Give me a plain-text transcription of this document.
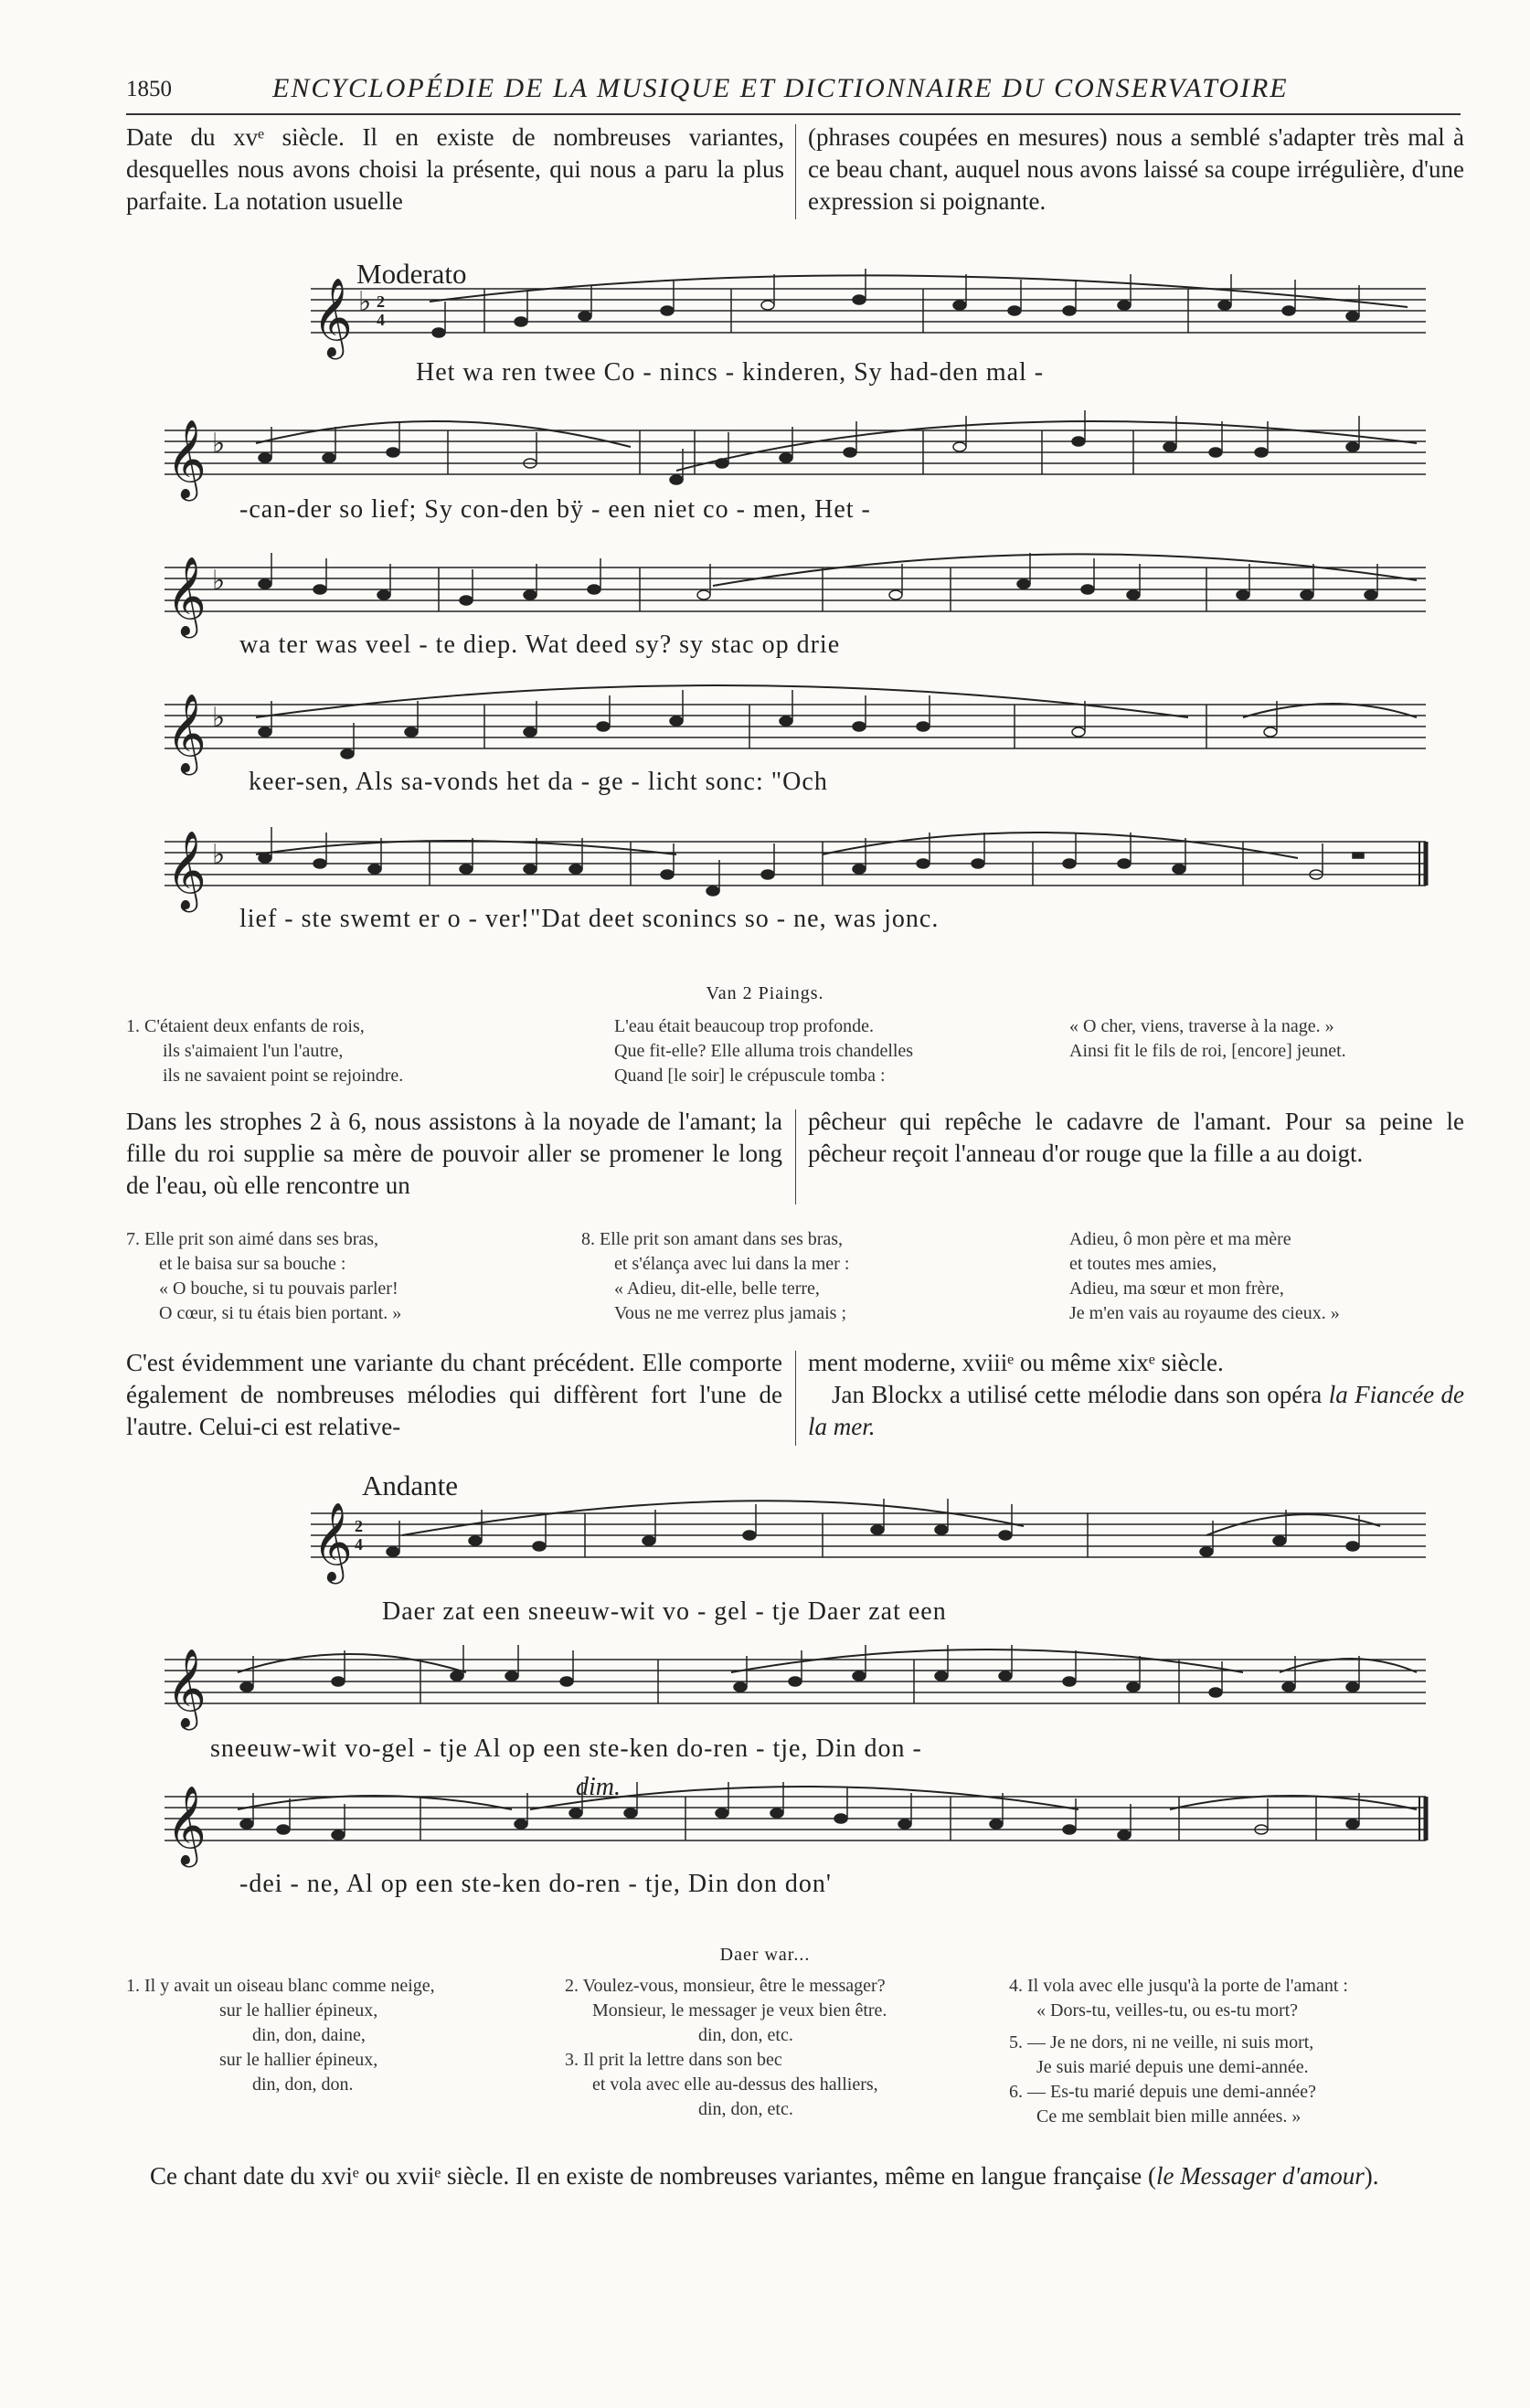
1850	ENCYCLOPÉDIE DE LA MUSIQUE ET DICTIONNAIRE DU CONSERVATOIRE

Date du xvᵉ siècle. Il en existe de nombreuses variantes, desquelles nous avons choisi la présente, qui nous a paru la plus parfaite. La notation usuelle

(phrases coupées en mesures) nous a semblé s'adapter très mal à ce beau chant, auquel nous avons laissé sa coupe irrégulière, d'une expression si poignante.

Moderato
𝄞 ♭ 2
4
Het wa ren twee Co - nincs - kinderen, Sy had-den mal -
𝄞 ♭
-can-der so lief; Sy con-den bÿ - een niet co - men, Het -
𝄞 ♭
wa ter was veel - te diep. Wat deed sy? sy stac op drie
𝄞 ♭
keer-sen, Als sa-vonds het da - ge - licht sonc: "Och
𝄞 ♭
lief - ste swemt er o - ver!"Dat deet sconincs so - ne, was jonc.
Van 2 Piaings.
1. C'étaient deux enfants de rois,
ils s'aimaient l'un l'autre,
ils ne savaient point se rejoindre.
L'eau était beaucoup trop profonde.
Que fit-elle? Elle alluma trois chandelles
Quand [le soir] le crépuscule tomba :
« O cher, viens, traverse à la nage. »
Ainsi fit le fils de roi, [encore] jeunet.

Dans les strophes 2 à 6, nous assistons à la noyade de l'amant; la fille du roi supplie sa mère de pouvoir aller se promener le long de l'eau, où elle rencontre un

pêcheur qui repêche le cadavre de l'amant. Pour sa peine le pêcheur reçoit l'anneau d'or rouge que la fille a au doigt.

7. Elle prit son aimé dans ses bras,
et le baisa sur sa bouche :
« O bouche, si tu pouvais parler!
O cœur, si tu étais bien portant. »
8. Elle prit son amant dans ses bras,
et s'élança avec lui dans la mer :
« Adieu, dit-elle, belle terre,
Vous ne me verrez plus jamais ;
Adieu, ô mon père et ma mère
et toutes mes amies,
Adieu, ma sœur et mon frère,
Je m'en vais au royaume des cieux. »

C'est évidemment une variante du chant précédent. Elle comporte également de nombreuses mélodies qui diffèrent fort l'une de l'autre. Celui-ci est relative-

ment moderne, xviiiᵉ ou même xixᵉ siècle.

Jan Blockx a utilisé cette mélodie dans son opéra la Fiancée de la mer.

Andante
𝄞 2
4
Daer zat een sneeuw-wit vo - gel - tje Daer zat een
𝄞
sneeuw-wit vo-gel - tje Al op een ste-ken do-ren - tje, Din don -
dim.
𝄞
-dei - ne, Al op een ste-ken do-ren - tje, Din don don'
Daer war...
1. Il y avait un oiseau blanc comme neige,
sur le hallier épineux,
din, don, daine,
sur le hallier épineux,
din, don, don.
2. Voulez-vous, monsieur, être le messager?
Monsieur, le messager je veux bien être.
din, don, etc.
3. Il prit la lettre dans son bec
et vola avec elle au-dessus des halliers,
din, don, etc.
4. Il vola avec elle jusqu'à la porte de l'amant :
« Dors-tu, veilles-tu, ou es-tu mort?
5. — Je ne dors, ni ne veille, ni suis mort,
Je suis marié depuis une demi-année.
6. — Es-tu marié depuis une demi-année?
Ce me semblait bien mille années. »
Ce chant date du xviᵉ ou xviiᵉ siècle. Il en existe de nombreuses variantes, même en langue française (le Messager d'amour).
